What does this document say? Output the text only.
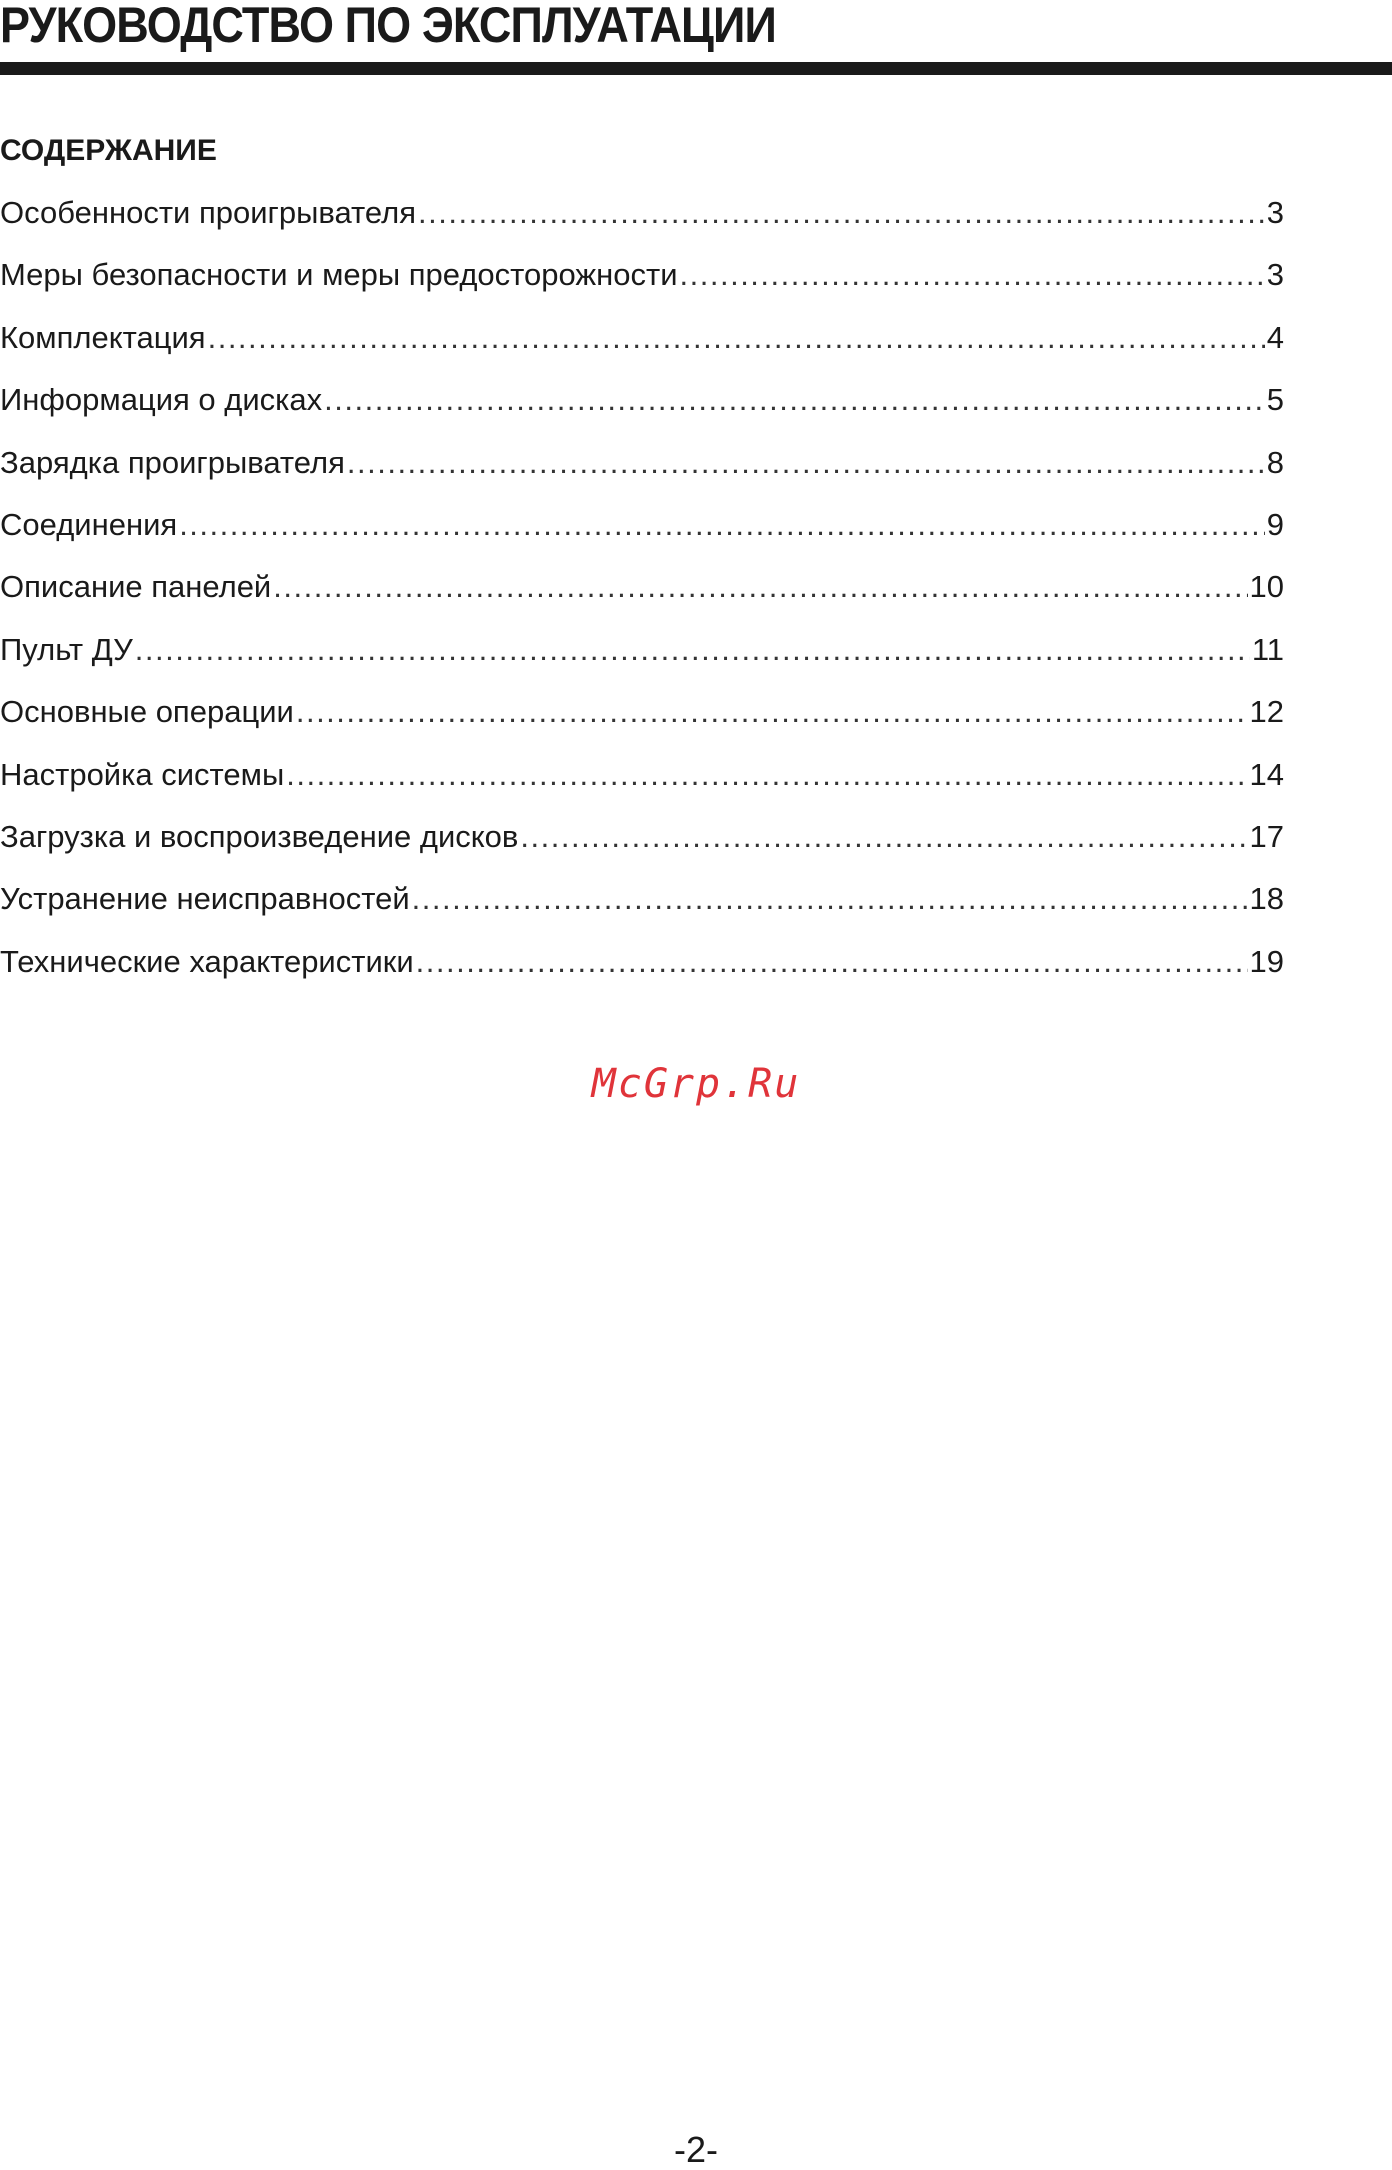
РУКОВОДСТВО ПО ЭКСПЛУАТАЦИИ
СОДЕРЖАНИЕ
Особенности проигрывателя .....	3
Меры безопасности и меры предосторожности .....	3
Комплектация .....	4
Информация о дисках .....	5
Зарядка проигрывателя .....	8
Соединения .....	9
Описание панелей .....	10
Пульт ДУ .....	11
Основные операции .....	12
Настройка системы .....	14
Загрузка и воспроизведение дисков .....	17
Устранение неисправностей .....	18
Технические характеристики .....	19
McGrp.Ru
-2-
